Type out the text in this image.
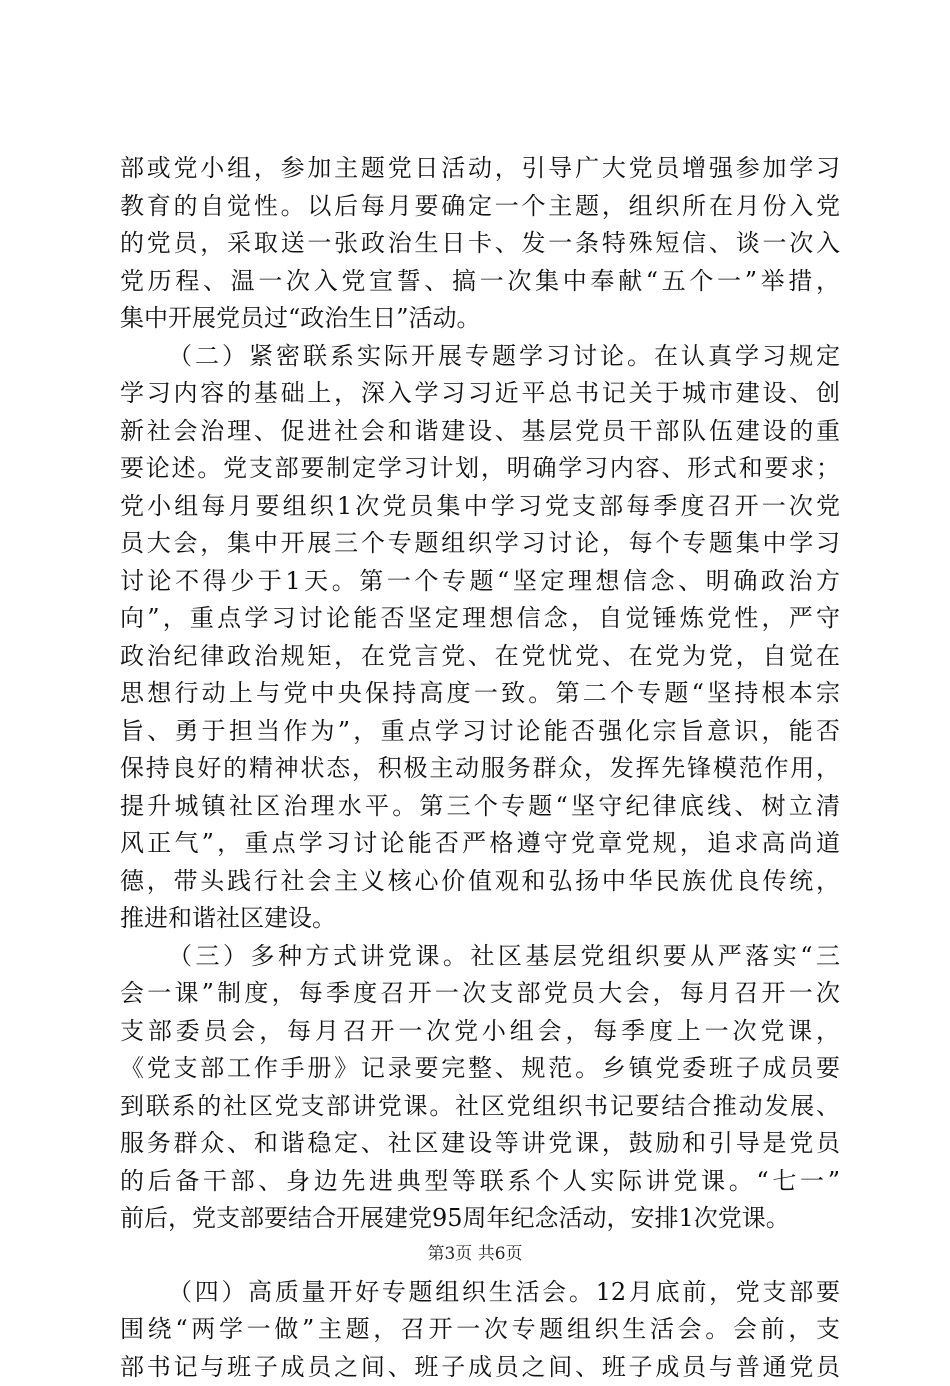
部或党小组，参加主题党日活动，引导广大党员增强参加学习
教育的自觉性。以后每月要确定一个主题，组织所在月份入党
的党员，采取送一张政治生日卡、发一条特殊短信、谈一次入
党历程、温一次入党宣誓、搞一次集中奉献“五个一”举措，
集中开展党员过“政治生日”活动。
（二）紧密联系实际开展专题学习讨论。在认真学习规定
学习内容的基础上，深入学习习近平总书记关于城市建设、创
新社会治理、促进社会和谐建设、基层党员干部队伍建设的重
要论述。党支部要制定学习计划，明确学习内容、形式和要求；
党小组每月要组织1次党员集中学习党支部每季度召开一次党
员大会，集中开展三个专题组织学习讨论，每个专题集中学习
讨论不得少于1天。第一个专题“坚定理想信念、明确政治方
向”，重点学习讨论能否坚定理想信念，自觉锤炼党性，严守
政治纪律政治规矩，在党言党、在党忧党、在党为党，自觉在
思想行动上与党中央保持高度一致。第二个专题“坚持根本宗
旨、勇于担当作为”，重点学习讨论能否强化宗旨意识，能否
保持良好的精神状态，积极主动服务群众，发挥先锋模范作用，
提升城镇社区治理水平。第三个专题“坚守纪律底线、树立清
风正气”，重点学习讨论能否严格遵守党章党规，追求高尚道
德，带头践行社会主义核心价值观和弘扬中华民族优良传统，
推进和谐社区建设。
（三）多种方式讲党课。社区基层党组织要从严落实“三
会一课”制度，每季度召开一次支部党员大会，每月召开一次
支部委员会，每月召开一次党小组会，每季度上一次党课，
《党支部工作手册》记录要完整、规范。乡镇党委班子成员要
到联系的社区党支部讲党课。社区党组织书记要结合推动发展、
服务群众、和谐稳定、社区建设等讲党课，鼓励和引导是党员
的后备干部、身边先进典型等联系个人实际讲党课。“七一”
前后，党支部要结合开展建党95周年纪念活动，安排1次党课。
（四）高质量开好专题组织生活会。12月底前，党支部要
围绕“两学一做”主题，召开一次专题组织生活会。会前，支
部书记与班子成员之间、班子成员之间、班子成员与普通党员
第3页 共6页
